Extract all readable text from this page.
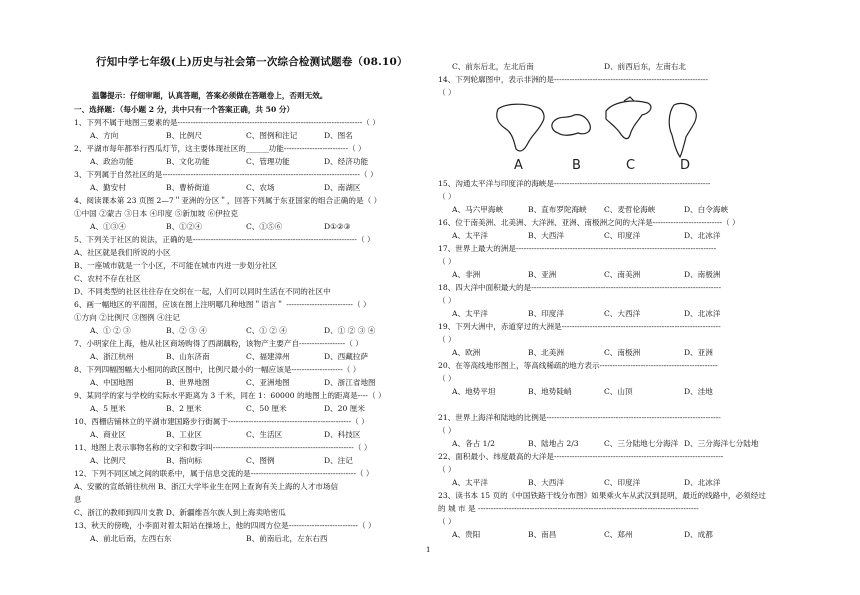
行知中学七年级(上)历史与社会第一次综合检测试题卷（08.10）
温馨提示：仔细审题，认真答题，答案必须做在答题卷上，否则无效。
一、选择题：（每小题 2 分，共中只有一个答案正确，共 50 分）
1、下列不属于地图三要素的是------------------------------------------------------------------------（ ）
A、方向	B、比例尺	C、图例和注记	D、图名
2、平湖市每年都举行西瓜灯节，这主要体现社区的______功能-------------------------（ ）
A、政治功能	B、文化功能	C、管理功能	D、经济功能
3、下列属于自然社区的是-----------------------------------------------------------------------------（ ）
A、勤安村	B、曹桥街道	C、农场	D、南湖区
4、阅读课本第 23 页图 2—7＂亚洲的分区＂，回答下列属于东亚国家的组合正确的是（ ）
①中国 ②蒙古 ③日本 ④印度 ⑤新加坡 ⑥伊拉克
A、①③④	B、①②④	C、①⑤⑥	D①②③
5、下列关于社区的说法，正确的是----------------------------------------------------------------（ ）
A、社区就是我们所说的小区
B、一座城市就是一个小区，不可能在城市内进一步划分社区
C、农村不存在社区
D、不同类型的社区往往存在交织在一起，人们可以同时生活在不同的社区中
6、画一幅地区的平面图，应该在图上注明哪几种地图＂语言＂ --------------------------（ ）
①方向 ②比例尺 ③图例 ④注记
A、① ② ③	B、② ③ ④	C、① ② ④	D、① ② ③ ④
7、小明家住上海，他从社区商场购得了西湖藕粉，该物产主要产自------------------（ ）
A、浙江杭州	B、山东济南	C、福建漳州	D、西藏拉萨
8、下列四幅图幅大小相同的政区图中，比例尺最小的一幅应该是--------------------（ ）
A、中国地图	B、世界地图	C、亚洲地图	D、浙江省地图
9、某同学的家与学校的实际水平距离为 3 千米，同在 1：60000 的地图上的距离是----（ ）
A、5 厘米	B、2 厘米	C、50 厘米	D、20 厘米
10、西栅店铺林立的平湖市建国路步行街属于------------------------------------------------（ ）
A、商业区	B、工业区	C、生活区	D、科技区
11、地图上表示事物名称的文字和数字叫-------------------------------------------------------（ ）
A、比例尺	B、指向标	C、图例	D、注记
12、下列不同区域之间的联系中，属于信息交流的是-----------------------------------------（ ）
A、安徽的宣纸销往杭州 B、浙江大学毕业生在网上查询有关上海的人才市场信
息
C、浙江的教师到四川支教 D、新疆维吾尔族人到上海卖哈密瓜
13、秋天的傍晚，小李面对着太阳站在操场上，他的四周方位是---------------------------（ ）
A、前北后南，左西右东	B、前南后北，左东右西
C、前东后北，左北后南	D、前西后东，左南右北
14、下列轮廓图中，表示非洲的是------------------------------------------------------------
（ ）
15、沟通太平洋与印度洋的海峡是-------------------------------------------------------------
（ ）
A、马六甲海峡	B、直布罗陀海峡 C、麦哲伦海峡	D、白令海峡
16、位于南美洲、北美洲、大洋洲、亚洲、南极洲之间的大洋是---------------------------（ ）
A、太平洋	B、大西洋	C、印度洋	D、北冰洋
17、世界上最大的洲是------------------------------------------------------------------------------
（ ）
A、非洲	B、亚洲	C、南美洲	D、南极洲
18、四大洋中面积最大的是--------------------------------------------------------------------------
（ ）
A、太平洋	B、印度洋	C、大西洋	D、北冰洋
19、下列大洲中，赤道穿过的大洲是--------------------------------------------------------------
（ ）
A、欧洲	B、北美洲	C、南极洲	D、亚洲
20、在等高线地形图上，等高线稀疏的地方表示----------------------------------------------
（ ）
A、地势平坦	B、地势陡峭	C、山顶	D、洼地
21、世界上海洋和陆地的比例是--------------------------------------------------------------------
（ ）
A、各占 1/2	B、陆地占 2/3	C、三分陆地七分海洋 D、三分海洋七分陆地
22、面积最小、纬度最高的大洋是------------------------------------------------------------------
（ ）
A、太平洋	B、大西洋	C、印度洋	D、北冰洋
23、读书本 15 页的《中国铁路干线分布图》如果乘火车从武汉到昆明，最近的线路中，必须经过
的 城 市 是 --------------------------------------------------------------------------------------
（ ）
A、贵阳	B、南昌	C、郑州	D、成都
A	B	C	D
1
